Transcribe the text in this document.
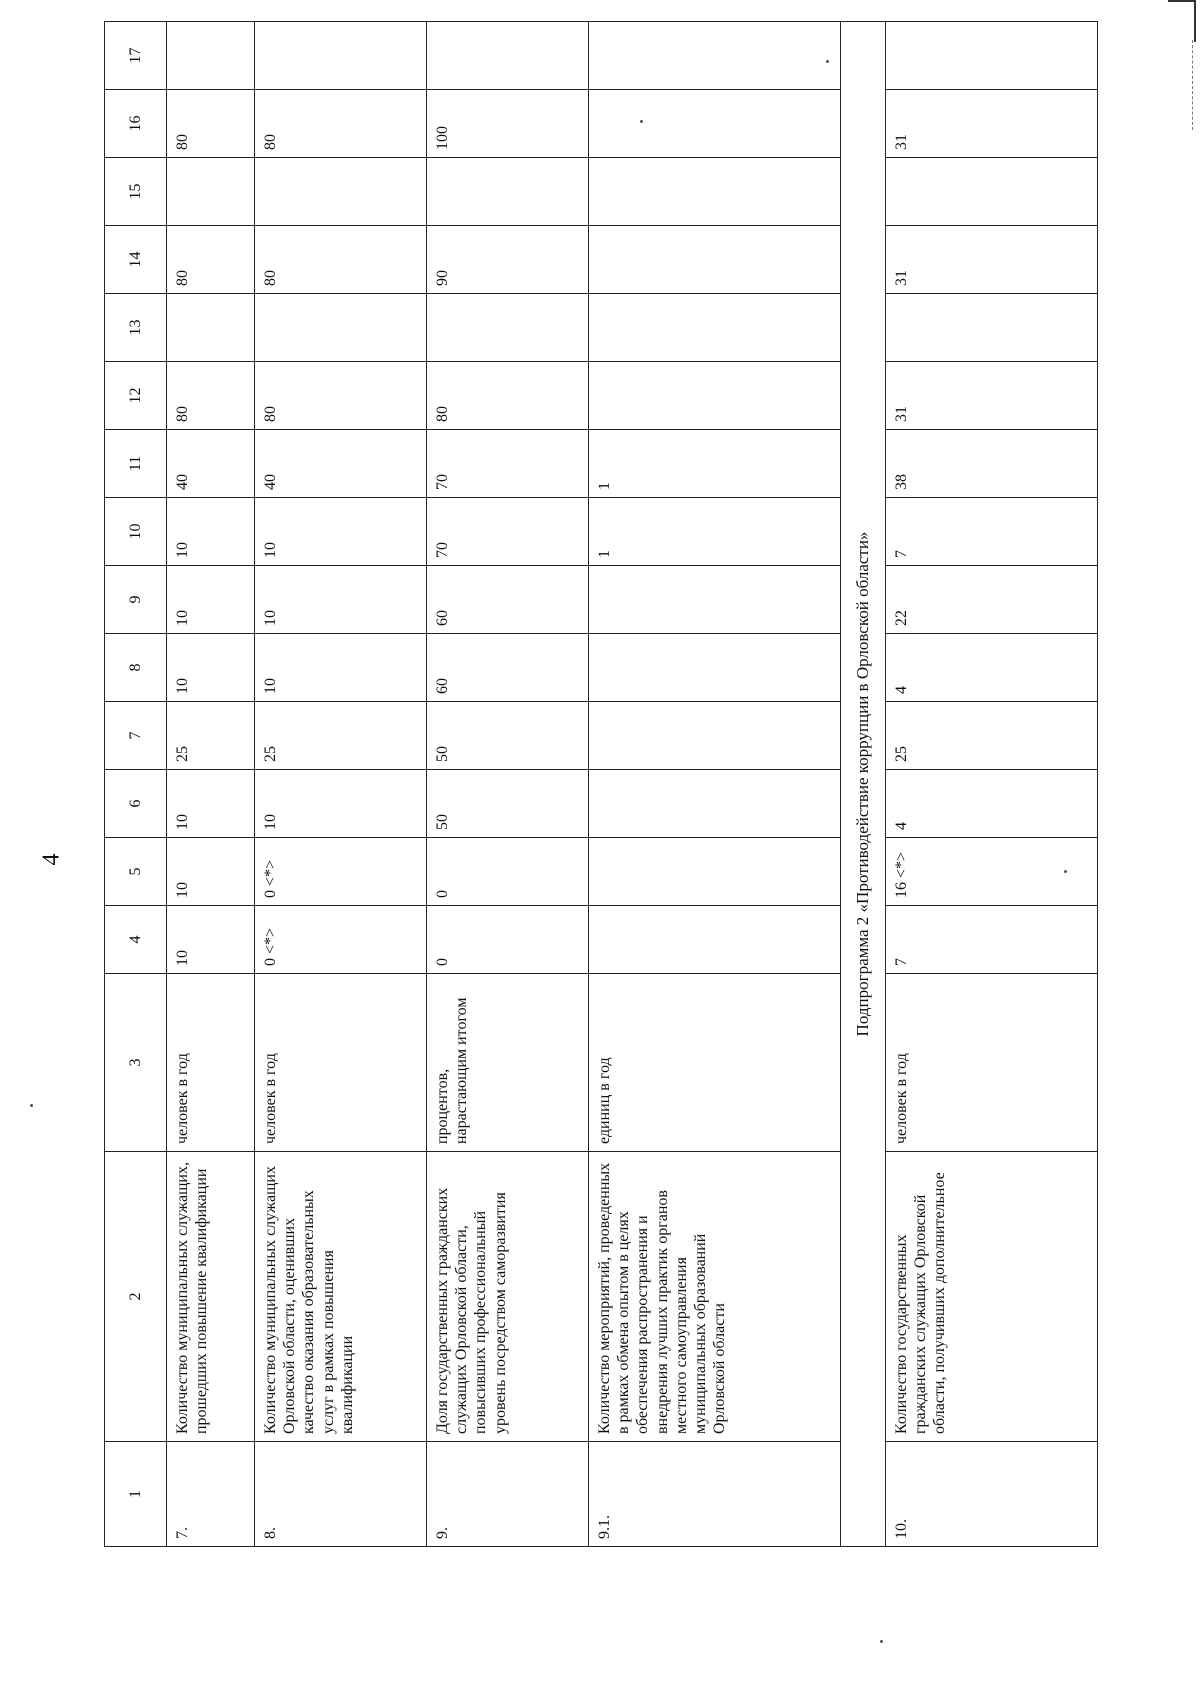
4
1	2	3	4	5	6	7	8	9	10	11	12	13	14	15	16	17
7.	Количество муниципальных служащих, прошедших повышение квалификации	человек в год	10	10	10	25	10	10	10	40	80		80		80	
8.	Количество муниципальных служащих Орловской области, оценивших качество оказания образовательных услуг в рамках повышения квалификации	человек в год	0 <*>	0 <*>	10	25	10	10	10	40	80		80		80	
9.	Доля государственных гражданских служащих Орловской области, повысивших профессиональный уровень посредством саморазвития	процентов, нарастающим итогом	0	0	50	50	60	60	70	70	80		90		100	
9.1.	Количество мероприятий, проведенных в рамках обмена опытом в целях обеспечения распространения и внедрения лучших практик органов местного самоуправления муниципальных образований Орловской области	единиц в год							1	1						
Подпрограмма 2 «Противодействие коррупции в Орловской области»																
10.	Количество государственных гражданских служащих Орловской области, получивших дополнительное	человек в год	7	16 <*>	4	25	4	22	7	38	31		31		31	
